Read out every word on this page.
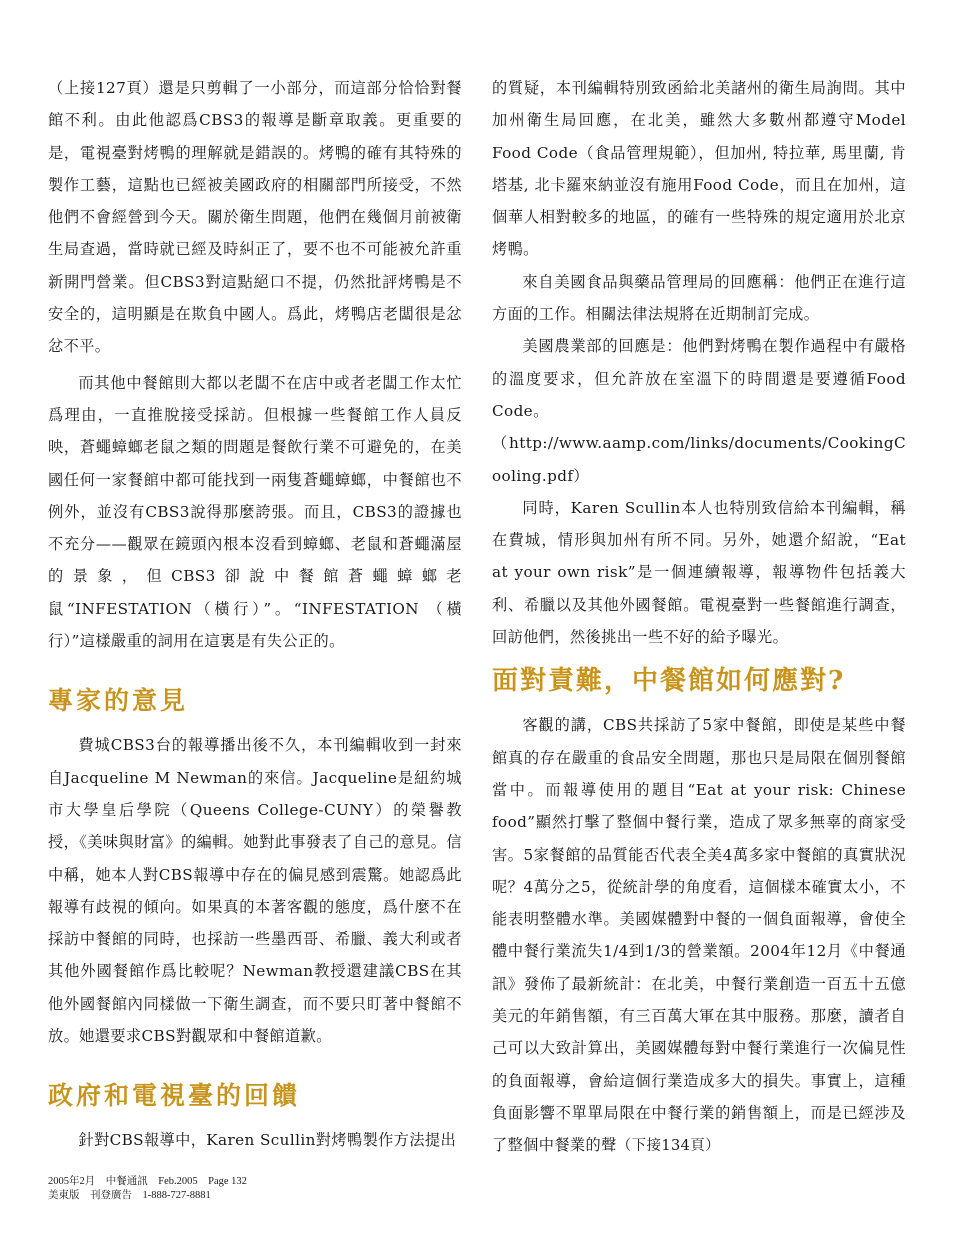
（上接127頁）還是只剪輯了一小部分，而這部分恰恰對餐館不利。由此他認爲CBS3的報導是斷章取義。更重要的是，電視臺對烤鴨的理解就是錯誤的。烤鴨的確有其特殊的製作工藝，這點也已經被美國政府的相關部門所接受，不然他們不會經營到今天。關於衛生問題，他們在幾個月前被衛生局查過，當時就已經及時糾正了，要不也不可能被允許重新開門營業。但CBS3對這點絕口不提，仍然批評烤鴨是不安全的，這明顯是在欺負中國人。爲此，烤鴨店老闆很是忿忿不平。

而其他中餐館則大都以老闆不在店中或者老闆工作太忙爲理由，一直推脫接受採訪。但根據一些餐館工作人員反映，蒼蠅蟑螂老鼠之類的問題是餐飲行業不可避免的，在美國任何一家餐館中都可能找到一兩隻蒼蠅蟑螂，中餐館也不例外，並沒有CBS3說得那麼誇張。而且，CBS3的證據也不充分——觀眾在鏡頭內根本沒看到蟑螂、老鼠和蒼蠅滿屋的景象，但CBS3卻說中餐館蒼蠅蟑螂老鼠“INFESTATION（橫行）”。“INFESTATION （橫行）”這樣嚴重的詞用在這裏是有失公正的。

專家的意見

費城CBS3台的報導播出後不久，本刊編輯收到一封來自Jacqueline M Newman的來信。Jacqueline是紐約城市大學皇后學院（Queens College-CUNY）的榮譽教授，《美味與財富》的編輯。她對此事發表了自己的意見。信中稱，她本人對CBS報導中存在的偏見感到震驚。她認爲此報導有歧視的傾向。如果真的本著客觀的態度，爲什麼不在採訪中餐館的同時，也採訪一些墨西哥、希臘、義大利或者其他外國餐館作爲比較呢？Newman教授還建議CBS在其他外國餐館內同樣做一下衛生調查，而不要只盯著中餐館不放。她還要求CBS對觀眾和中餐館道歉。

政府和電視臺的回饋

針對CBS報導中，Karen Scullin對烤鴨製作方法提出

的質疑，本刊編輯特別致函給北美諸州的衛生局詢問。其中加州衛生局回應，在北美，雖然大多數州都遵守Model Food Code（食品管理規範），但加州, 特拉華, 馬里蘭, 肯塔基, 北卡羅來納並沒有施用Food Code，而且在加州，這個華人相對較多的地區，的確有一些特殊的規定適用於北京烤鴨。

來自美國食品與藥品管理局的回應稱：他們正在進行這方面的工作。相關法律法規將在近期制訂完成。

美國農業部的回應是：他們對烤鴨在製作過程中有嚴格的溫度要求，但允許放在室溫下的時間還是要遵循Food Code。

（http://www.aamp.com/links/documents/CookingCooling.pdf）

同時，Karen Scullin本人也特別致信給本刊編輯，稱在費城，情形與加州有所不同。另外，她還介紹說，“Eat at your own risk”是一個連續報導，報導物件包括義大利、希臘以及其他外國餐館。電視臺對一些餐館進行調查，回訪他們，然後挑出一些不好的給予曝光。

面對責難，中餐館如何應對?

客觀的講，CBS共採訪了5家中餐館，即使是某些中餐館真的存在嚴重的食品安全問題，那也只是局限在個別餐館當中。而報導使用的題目“Eat at your risk: Chinese food”顯然打擊了整個中餐行業，造成了眾多無辜的商家受害。5家餐館的品質能否代表全美4萬多家中餐館的真實狀況呢？4萬分之5，從統計學的角度看，這個樣本確實太小，不能表明整體水準。美國媒體對中餐的一個負面報導，會使全體中餐行業流失1/4到1/3的營業額。2004年12月《中餐通訊》發佈了最新統計：在北美，中餐行業創造一百五十五億美元的年銷售額，有三百萬大軍在其中服務。那麼，讀者自己可以大致計算出，美國媒體每對中餐行業進行一次偏見性的負面報導，會給這個行業造成多大的損失。事實上，這種負面影響不單單局限在中餐行業的銷售額上，而是已經涉及了整個中餐業的聲（下接134頁）

2005年2月　中餐通訊　Feb.2005　Page 132
美東版　刊登廣告　1-888-727-8881
